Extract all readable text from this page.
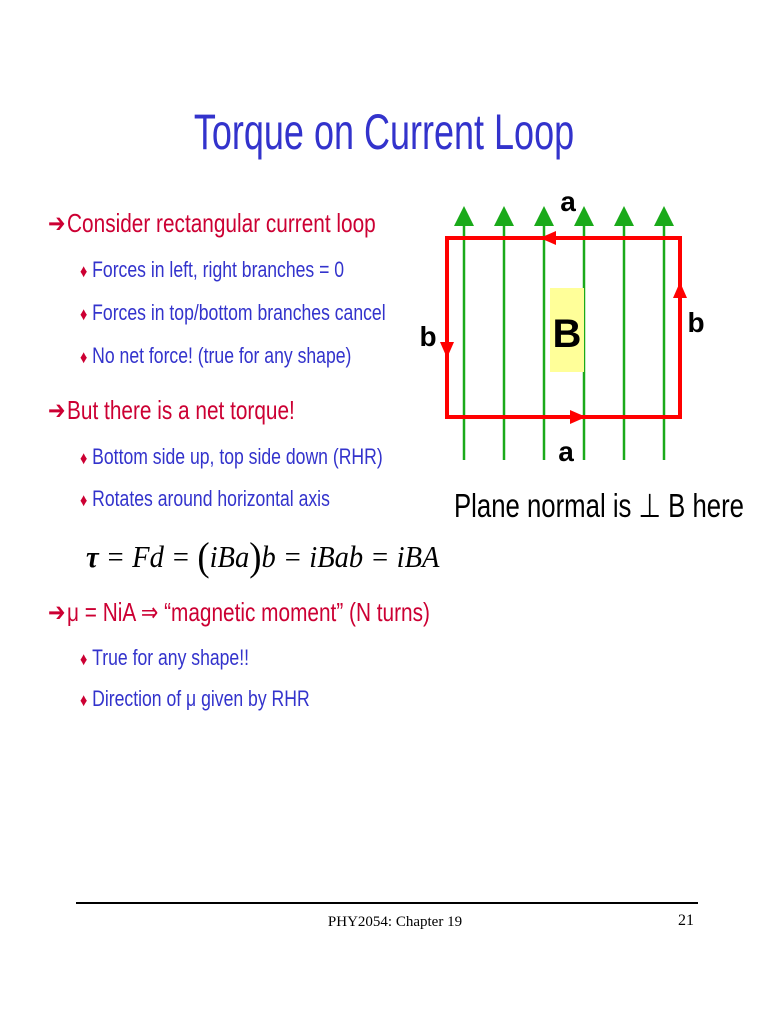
Torque on Current Loop
➔Consider rectangular current loop
♦ Forces in left, right branches = 0
♦ Forces in top/bottom branches cancel
♦ No net force! (true for any shape)
➔But there is a net torque!
♦ Bottom side up, top side down (RHR)
♦ Rotates around horizontal axis
τ = Fd = (iBa)b = iBab = iBA
➔μ = NiA ⇒ “magnetic moment” (N turns)
♦ True for any shape!!
♦ Direction of μ given by RHR
B
a
a
b	b
Plane normal is ⊥ B here
PHY2054: Chapter 19	21
